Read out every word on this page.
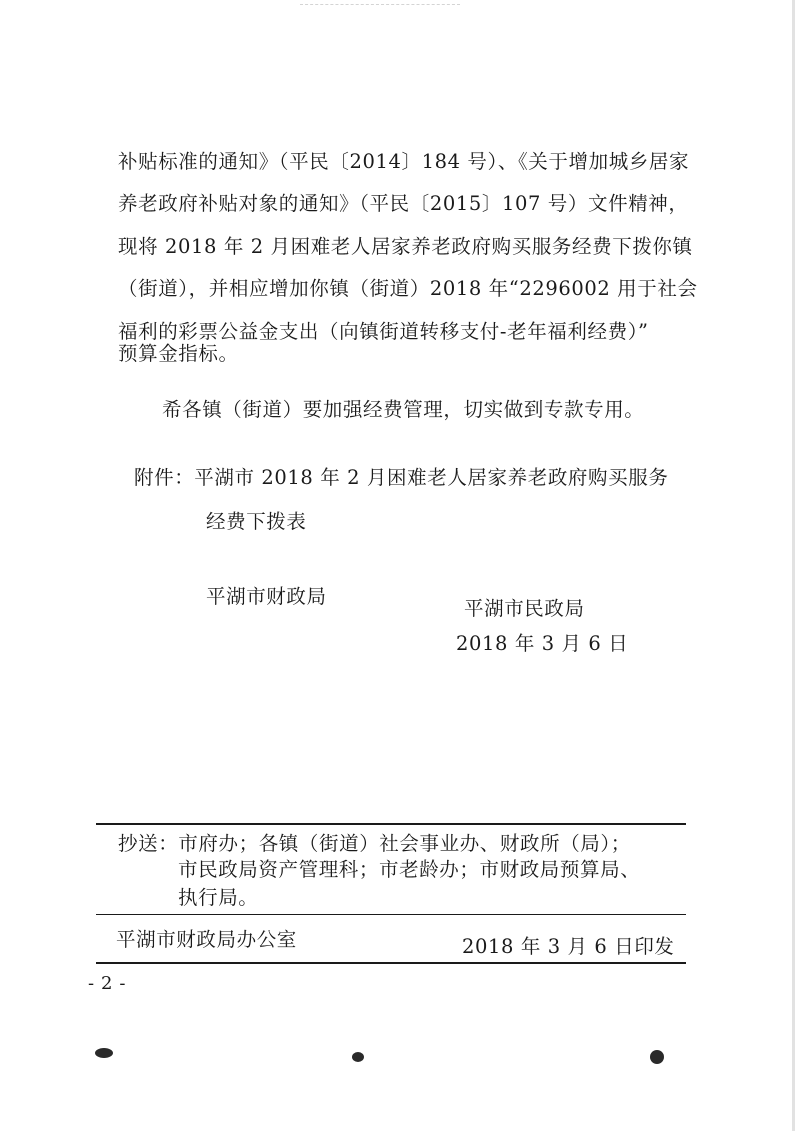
补贴标准的通知》（平民〔2014〕184 号）、《关于增加城乡居家
养老政府补贴对象的通知》（平民〔2015〕107 号）文件精神，
现将 2018 年 2 月困难老人居家养老政府购买服务经费下拨你镇
（街道），并相应增加你镇（街道）2018 年“2296002 用于社会
福利的彩票公益金支出（向镇街道转移支付-老年福利经费）”
预算金指标。
希各镇（街道）要加强经费管理，切实做到专款专用。
附件：平湖市 2018 年 2 月困难老人居家养老政府购买服务
经费下拨表
平湖市财政局
平湖市民政局
2018 年 3 月 6 日
抄送：市府办；各镇（街道）社会事业办、财政所（局）；
市民政局资产管理科；市老龄办；市财政局预算局、
执行局。
平湖市财政局办公室	2018 年 3 月 6 日印发
- 2 -
